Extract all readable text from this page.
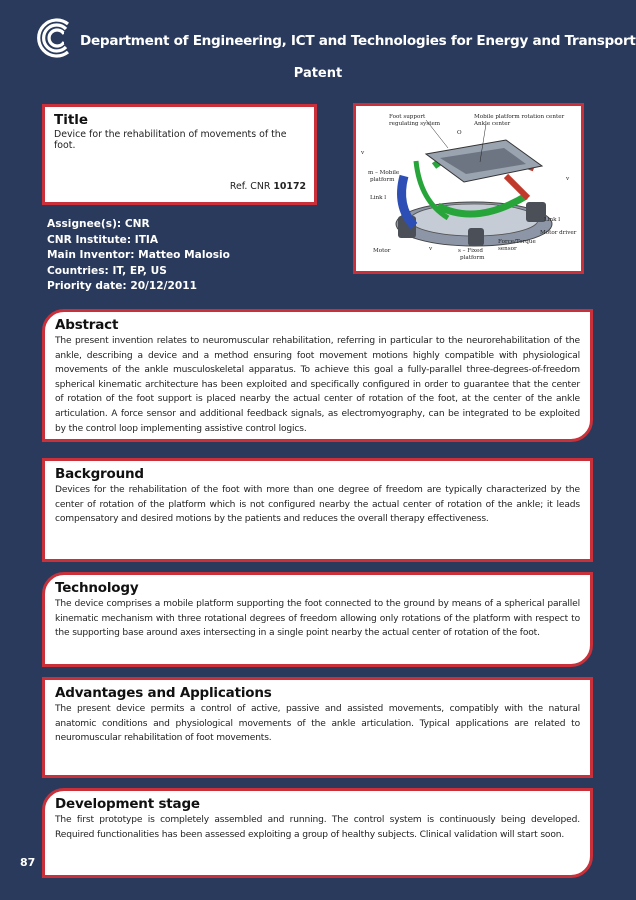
Department of Engineering, ICT and Technologies for Energy and Transport
Patent
Title
Device for the rehabilitation of movements of the foot.
Ref. CNR 10172
Foot support
regulating system
Mobile platform rotation center
Ankle center
O
v
m – Mobile
platform
Link l
v
Link l
Motor driver
Force/Torque
sensor
Motor	v	s – Fixed
platform
Assignee(s): CNR
CNR Institute: ITIA
Main Inventor: Matteo Malosio
Countries: IT, EP, US
Priority date: 20/12/2011
Abstract
The present invention relates to neuromuscular rehabilitation, referring in particular to the neurorehabilitation of the ankle, describing a device and a method ensuring foot movement motions highly compatible with physiological movements of the ankle musculoskeletal apparatus. To achieve this goal a fully-parallel three-degrees-of-freedom spherical kinematic architecture has been exploited and specifically configured in order to guarantee that the center of rotation of the foot support is placed nearby the actual center of rotation of the foot, at the center of the ankle articulation. A force sensor and additional feedback signals, as electromyography, can be integrated to be exploited by the control loop implementing assistive control logics.
Background
Devices for the rehabilitation of the foot with more than one degree of freedom are typically characterized by the center of rotation of the platform which is not configured nearby the actual center of rotation of the ankle; it leads compensatory and desired motions by the patients and reduces the overall therapy effectiveness.
Technology
The device comprises a mobile platform supporting the foot connected to the ground by means of a spherical parallel kinematic mechanism with three rotational degrees of freedom allowing only rotations of the platform with respect to the supporting base around axes intersecting in a single point nearby the actual center of rotation of the foot.
Advantages and Applications
The present device permits a control of active, passive and assisted movements, compatibly with the natural anatomic conditions and physiological movements of the ankle articulation. Typical applications are related to neuromuscular rehabilitation of foot movements.
Development stage
The first prototype is completely assembled and running. The control system is continuously being developed. Required functionalities has been assessed exploiting a group of healthy subjects. Clinical validation will start soon.
87
